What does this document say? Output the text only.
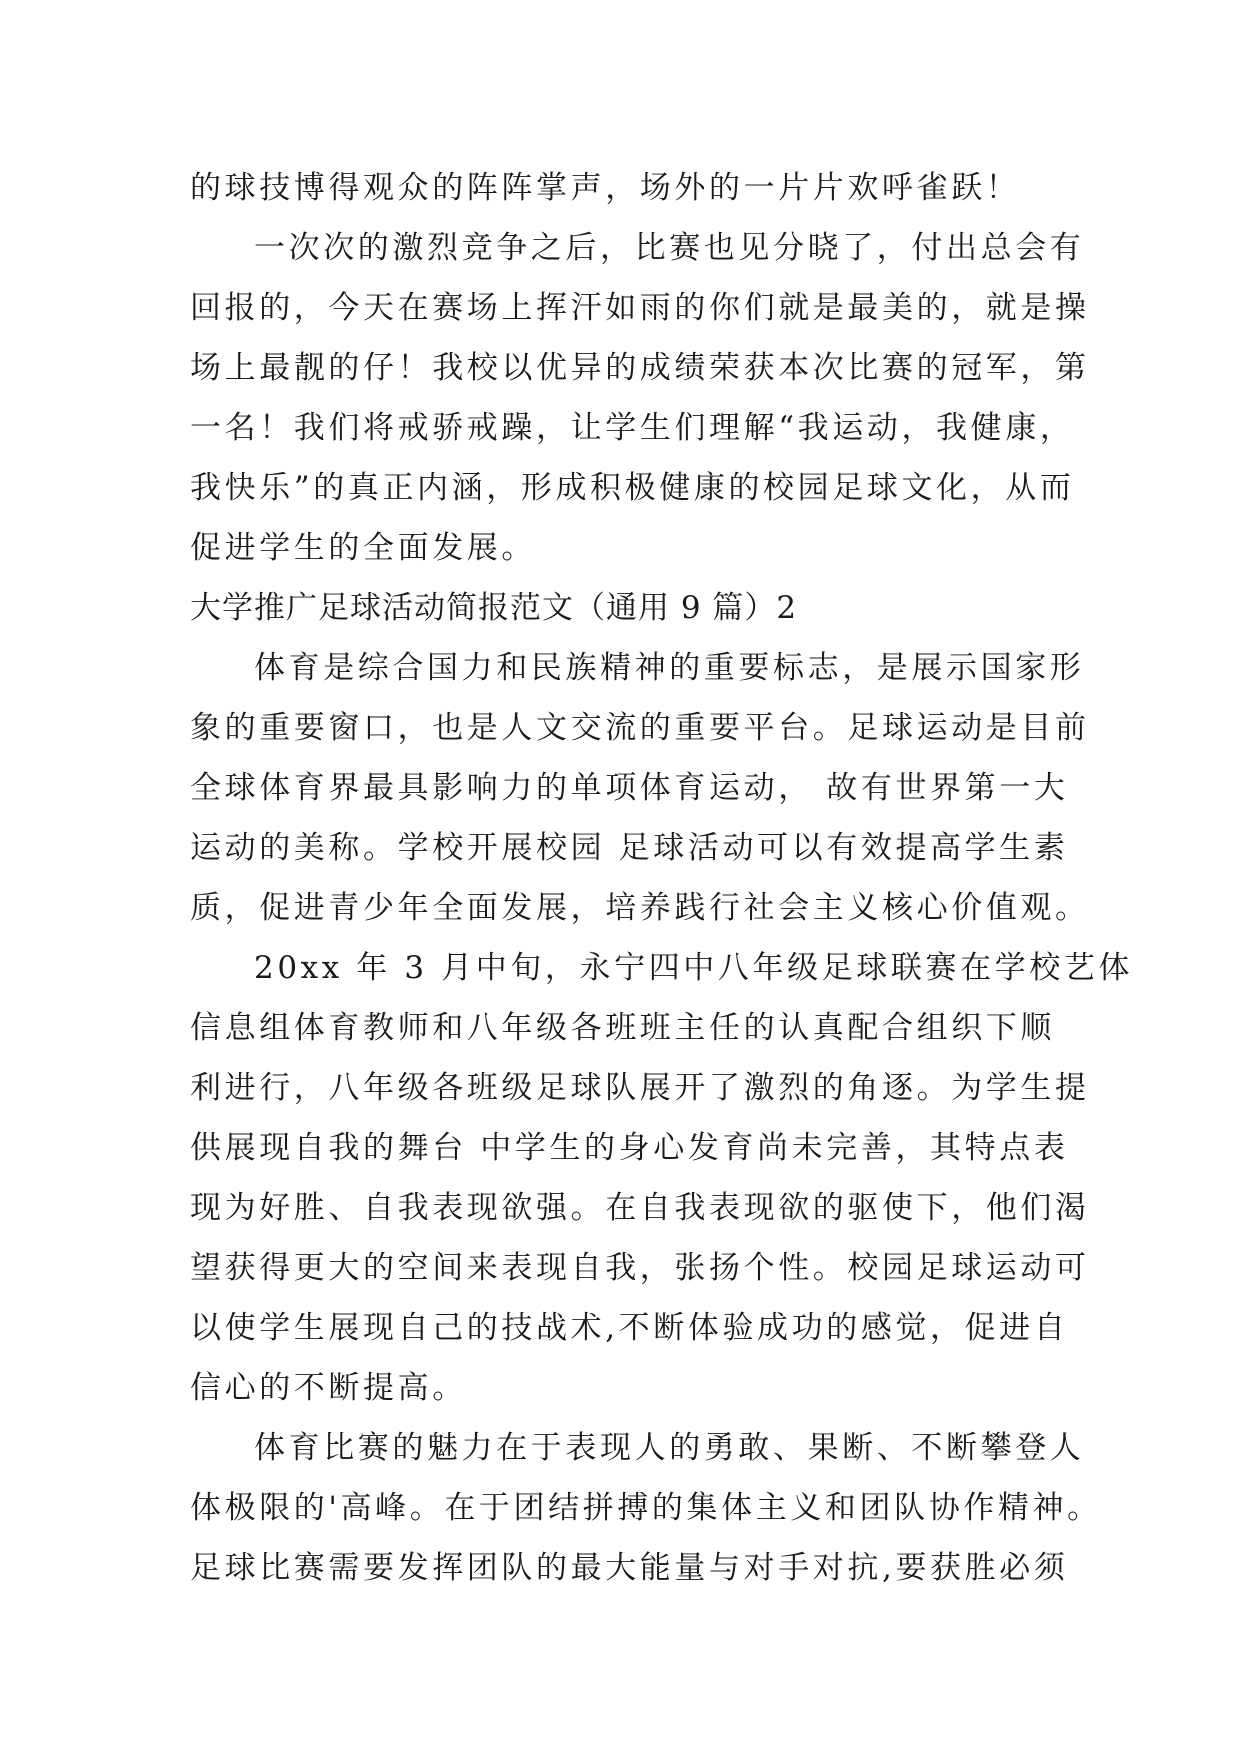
的球技博得观众的阵阵掌声，场外的一片片欢呼雀跃！
一次次的激烈竞争之后，比赛也见分晓了，付出总会有
回报的，今天在赛场上挥汗如雨的你们就是最美的，就是操
场上最靓的仔！我校以优异的成绩荣获本次比赛的冠军，第
一名！我们将戒骄戒躁，让学生们理解“我运动，我健康，
我快乐”的真正内涵，形成积极健康的校园足球文化，从而
促进学生的全面发展。
大学推广足球活动简报范文（通用 9 篇）2
体育是综合国力和民族精神的重要标志，是展示国家形
象的重要窗口，也是人文交流的重要平台。足球运动是目前
全球体育界最具影响力的单项体育运动， 故有世界第一大
运动的美称。学校开展校园 足球活动可以有效提高学生素
质，促进青少年全面发展，培养践行社会主义核心价值观。
20xx 年 3 月中旬，永宁四中八年级足球联赛在学校艺体
信息组体育教师和八年级各班班主任的认真配合组织下顺
利进行，八年级各班级足球队展开了激烈的角逐。为学生提
供展现自我的舞台 中学生的身心发育尚未完善，其特点表
现为好胜、自我表现欲强。在自我表现欲的驱使下，他们渴
望获得更大的空间来表现自我，张扬个性。校园足球运动可
以使学生展现自己的技战术,不断体验成功的感觉，促进自
信心的不断提高。
体育比赛的魅力在于表现人的勇敢、果断、不断攀登人
体极限的'高峰。在于团结拼搏的集体主义和团队协作精神。
足球比赛需要发挥团队的最大能量与对手对抗,要获胜必须
